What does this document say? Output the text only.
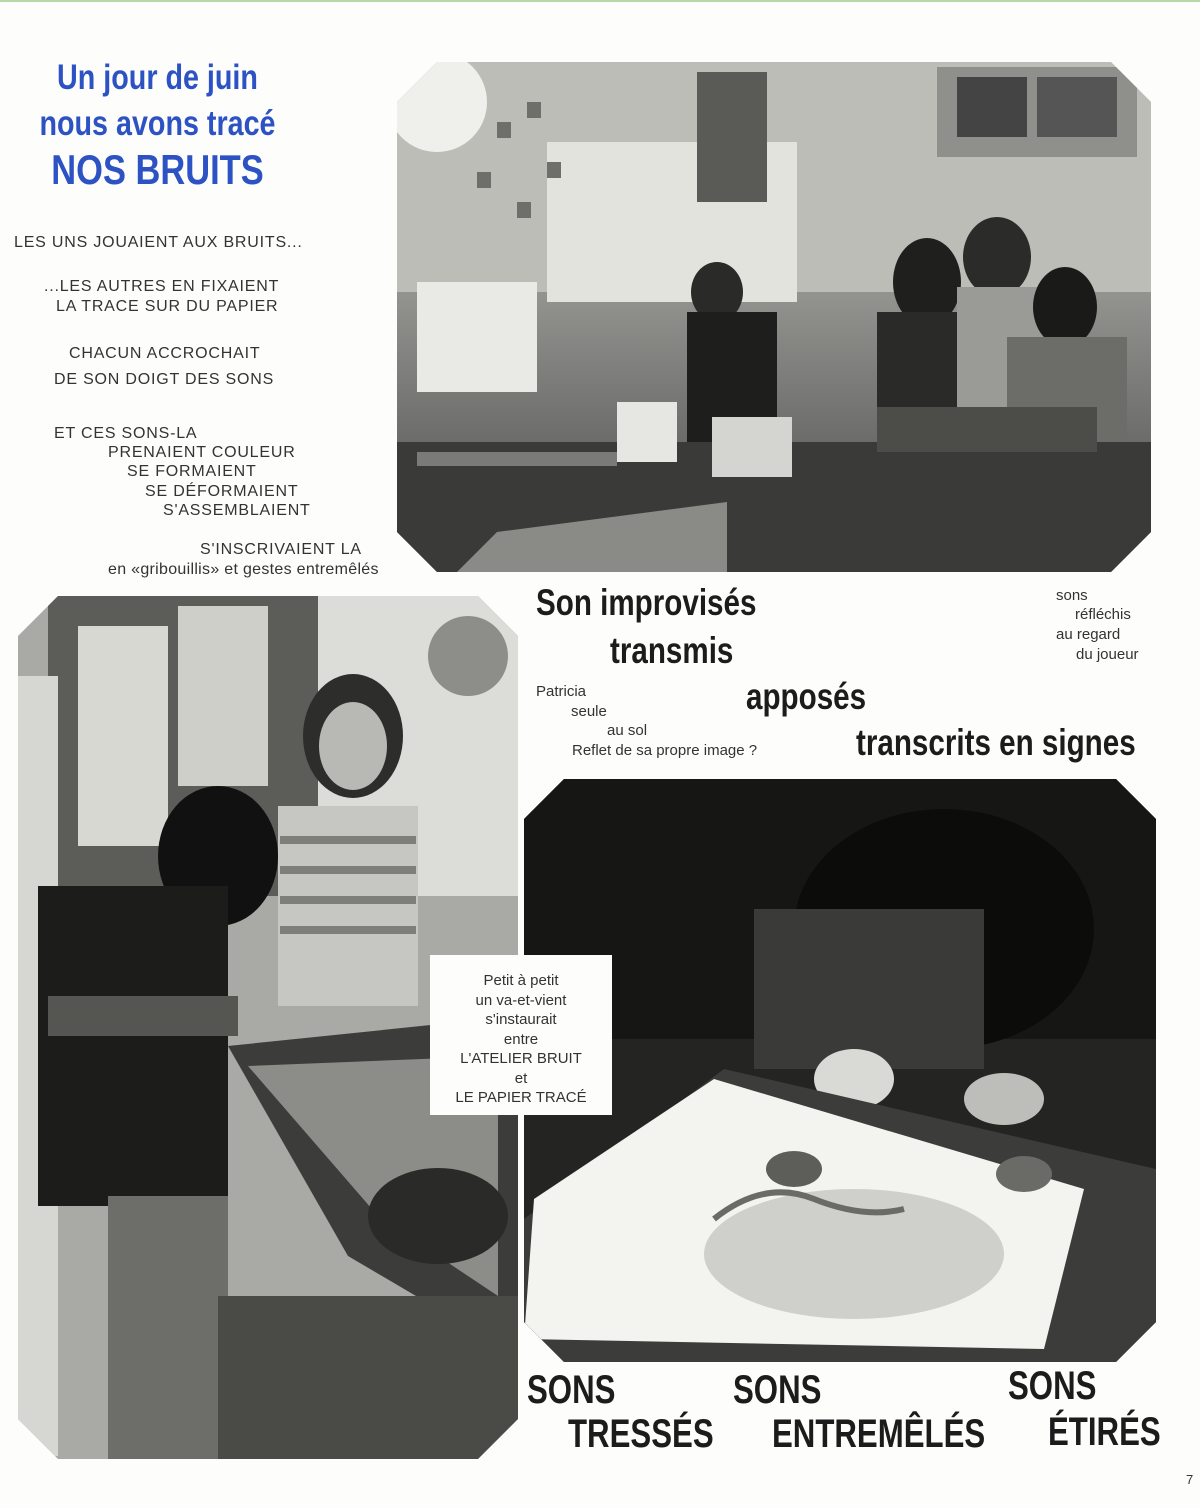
Un jour de juin
nous avons tracé
NOS BRUITS
LES UNS JOUAIENT AUX BRUITS...
...LES AUTRES EN FIXAIENT
LA TRACE SUR DU PAPIER
CHACUN ACCROCHAIT
DE SON DOIGT DES SONS
ET CES SONS-LA
PRENAIENT COULEUR
SE FORMAIENT
SE DÉFORMAIENT
S'ASSEMBLAIENT
S'INSCRIVAIENT LA
en «gribouillis» et gestes entremêlés
Son improvisés
transmis
apposés
transcrits en signes
Patricia
seule
au sol
Reflet de sa propre image ?
sons
réfléchis
au regard
du joueur
Petit à petit
un va-et-vient
s'instaurait
entre
L'ATELIER BRUIT
et
LE PAPIER TRACÉ
SONS
TRESSÉS
SONS
ENTREMÊLÉS
SONS
ÉTIRÉS
7
